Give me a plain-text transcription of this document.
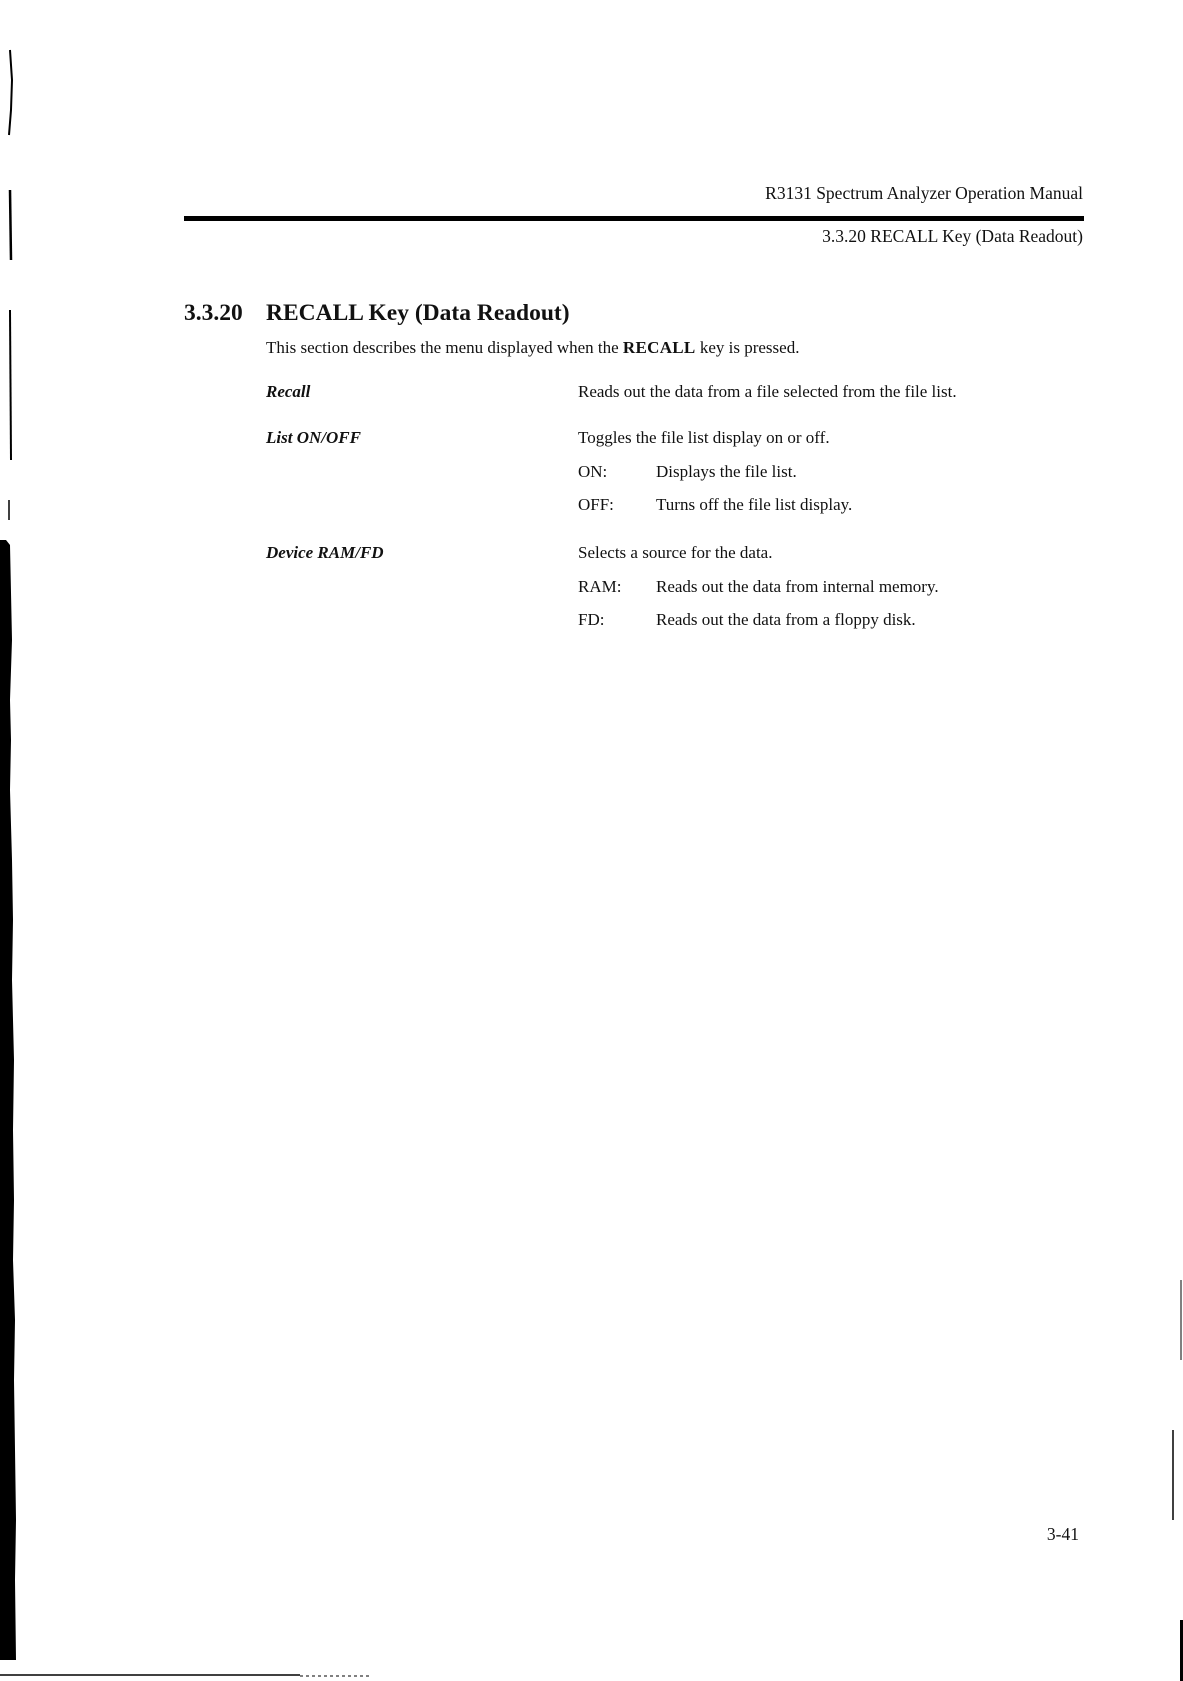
R3131 Spectrum Analyzer Operation Manual
3.3.20 RECALL Key (Data Readout)
3.3.20 RECALL Key (Data Readout)
This section describes the menu displayed when the RECALL key is pressed.
Recall	Reads out the data from a file selected from the file list.
List ON/OFF	Toggles the file list display on or off.
ON:	Displays the file list.
OFF: Turns off the file list display.
Device RAM/FD	Selects a source for the data.
RAM: Reads out the data from internal memory.
FD:	Reads out the data from a floppy disk.
3-41
